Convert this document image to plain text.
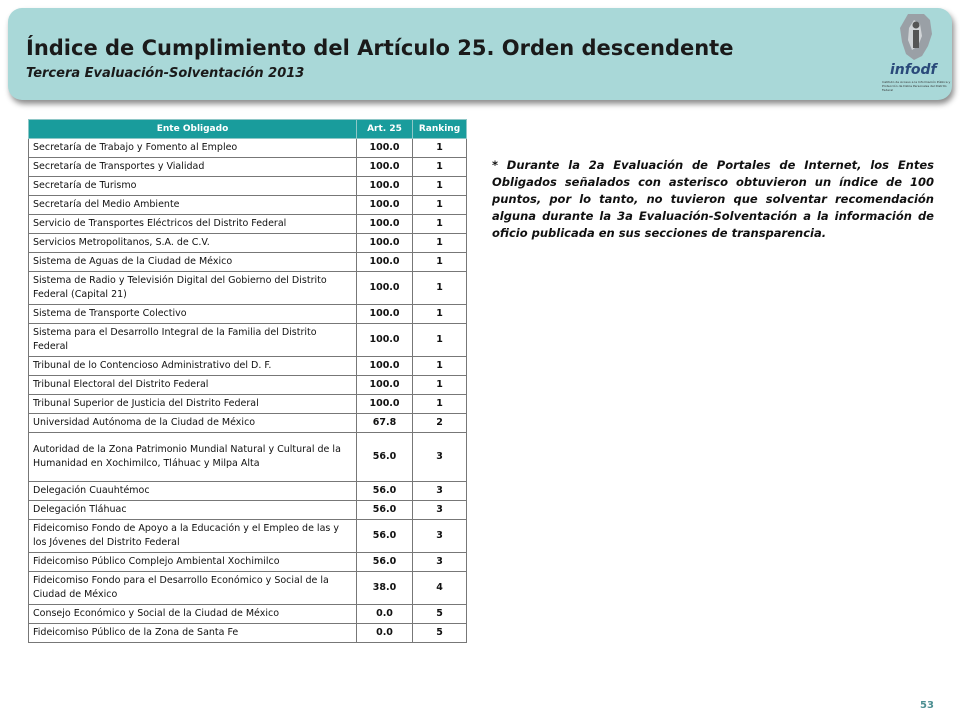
Índice de Cumplimiento del Artículo 25. Orden descendente
Tercera Evaluación-Solventación 2013	infodf
Instituto de Acceso a la Información Pública y Protección de Datos Personales del Distrito Federal
Ente Obligado	Art. 25	Ranking
Secretaría de Trabajo y Fomento al Empleo	100.0	1
Secretaría de Transportes y Vialidad	100.0	1
Secretaría de Turismo	100.0	1
Secretaría del Medio Ambiente	100.0	1
Servicio de Transportes Eléctricos del Distrito Federal	100.0	1
Servicios Metropolitanos, S.A. de C.V.	100.0	1
Sistema de Aguas de la Ciudad de México	100.0	1
Sistema de Radio y Televisión Digital del Gobierno del Distrito Federal (Capital 21)	100.0	1
Sistema de Transporte Colectivo	100.0	1
Sistema para el Desarrollo Integral de la Familia del Distrito Federal	100.0	1
Tribunal de lo Contencioso Administrativo del D. F.	100.0	1
Tribunal Electoral del Distrito Federal	100.0	1
Tribunal Superior de Justicia del Distrito Federal	100.0	1
Universidad Autónoma de la Ciudad de México	67.8	2
Autoridad de la Zona Patrimonio Mundial Natural y Cultural de la Humanidad en Xochimilco, Tláhuac y Milpa Alta	56.0	3
Delegación Cuauhtémoc	56.0	3
Delegación Tláhuac	56.0	3
Fideicomiso Fondo de Apoyo a la Educación y el Empleo de las y los Jóvenes del Distrito Federal	56.0	3
Fideicomiso Público Complejo Ambiental Xochimilco	56.0	3
Fideicomiso Fondo para el Desarrollo Económico y Social de la Ciudad de México	38.0	4
Consejo Económico y Social de la Ciudad de México	0.0	5
Fideicomiso Público de la Zona de Santa Fe	0.0	5
* Durante la 2a Evaluación de Portales de Internet, los Entes Obligados señalados con asterisco obtuvieron un índice de 100 puntos, por lo tanto, no tuvieron que solventar recomendación alguna durante la 3a Evaluación-Solventación a la información de oficio publicada en sus secciones de transparencia.
53
